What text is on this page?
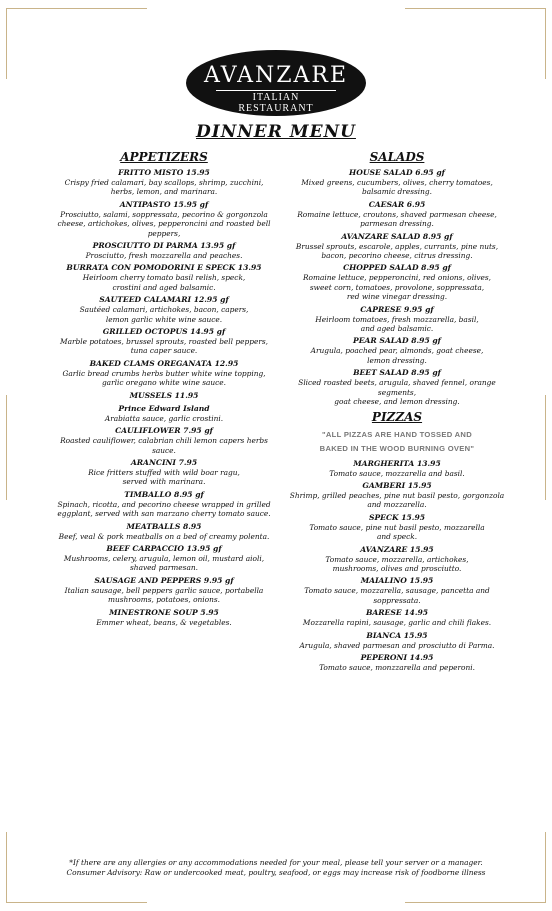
AVANZARE
ITALIAN RESTAURANT
DINNER MENU
APPETIZERS
FRITTO MISTO 15.95
Crispy fried calamari, bay scallops, shrimp, zucchini,
herbs, lemon, and marinara.
ANTIPASTO 15.95 gf
Prosciutto, salami, soppressata, pecorino & gorgonzola
cheese, artichokes, olives, pepperoncini and roasted bell
peppers,
PROSCIUTTO DI PARMA 13.95 gf
Prosciutto, fresh mozzarella and peaches.
BURRATA CON POMODORINI E SPECK 13.95
Heirloom cherry tomato basil relish, speck,
crostini and aged balsamic.
SAUTEED CALAMARI 12.95 gf
Sautéed calamari, artichokes, bacon, capers,
lemon garlic white wine sauce.
GRILLED OCTOPUS 14.95 gf
Marble potatoes, brussel sprouts, roasted bell peppers,
tuna caper sauce.
BAKED CLAMS OREGANATA 12.95
Garlic bread crumbs herbs butter white wine topping,
garlic oregano white wine sauce.
MUSSELS 11.95
Prince Edward Island
Arabiatta sauce, garlic crostini.
CAULIFLOWER 7.95 gf
Roasted cauliflower, calabrian chili lemon capers herbs
sauce.
ARANCINI 7.95
Rice fritters stuffed with wild boar ragu,
served with marinara.
TIMBALLO 8.95 gf
Spinach, ricotta, and pecorino cheese wrapped in grilled
eggplant, served with san marzano cherry tomato sauce.
MEATBALLS 8.95
Beef, veal & pork meatballs on a bed of creamy polenta.
BEEF CARPACCIO 13.95 gf
Mushrooms, celery, arugula, lemon oil, mustard aioli,
shaved parmesan.
SAUSAGE AND PEPPERS 9.95 gf
Italian sausage, bell peppers garlic sauce, portabella
mushrooms, potatoes, onions.
MINESTRONE SOUP 5.95
Emmer wheat, beans, & vegetables.
SALADS
HOUSE SALAD 6.95 gf
Mixed greens, cucumbers, olives, cherry tomatoes,
balsamic dressing.
CAESAR 6.95
Romaine lettuce, croutons, shaved parmesan cheese,
parmesan dressing.
AVANZARE SALAD 8.95 gf
Brussel sprouts, escarole, apples, currants, pine nuts,
bacon, pecorino cheese, citrus dressing.
CHOPPED SALAD 8.95 gf
Romaine lettuce, pepperoncini, red onions, olives,
sweet corn, tomatoes, provolone, soppressata,
red wine vinegar dressing.
CAPRESE 9.95 gf
Heirloom tomatoes, fresh mozzarella, basil,
and aged balsamic.
PEAR SALAD 8.95 gf
Arugula, poached pear, almonds, goat cheese,
lemon dressing.
BEET SALAD 8.95 gf
Sliced roasted beets, arugula, shaved fennel, orange segments,
goat cheese, and lemon dressing.
PIZZAS
"ALL PIZZAS ARE HAND TOSSED AND
BAKED IN THE WOOD BURNING OVEN"
MARGHERITA 13.95
Tomato sauce, mozzarella and basil.
GAMBERI 15.95
Shrimp, grilled peaches, pine nut basil pesto, gorgonzola
and mozzarella.
SPECK 15.95
Tomato sauce, pine nut basil pesto, mozzarella
and speck.
AVANZARE 15.95
Tomato sauce, mozzarella, artichokes,
mushrooms, olives and prosciutto.
MAIALINO 15.95
Tomato sauce, mozzarella, sausage, pancetta and
soppressata.
BARESE 14.95
Mozzarella rapini, sausage, garlic and chili flakes.
BIANCA 15.95
Arugula, shaved parmesan and prosciutto di Parma.
PEPERONI 14.95
Tomato sauce, monzzarella and peperoni.
*If there are any allergies or any accommodations needed for your meal, please tell your server or a manager.
Consumer Advisory: Raw or undercooked meat, poultry, seafood, or eggs may increase risk of foodborne illness
